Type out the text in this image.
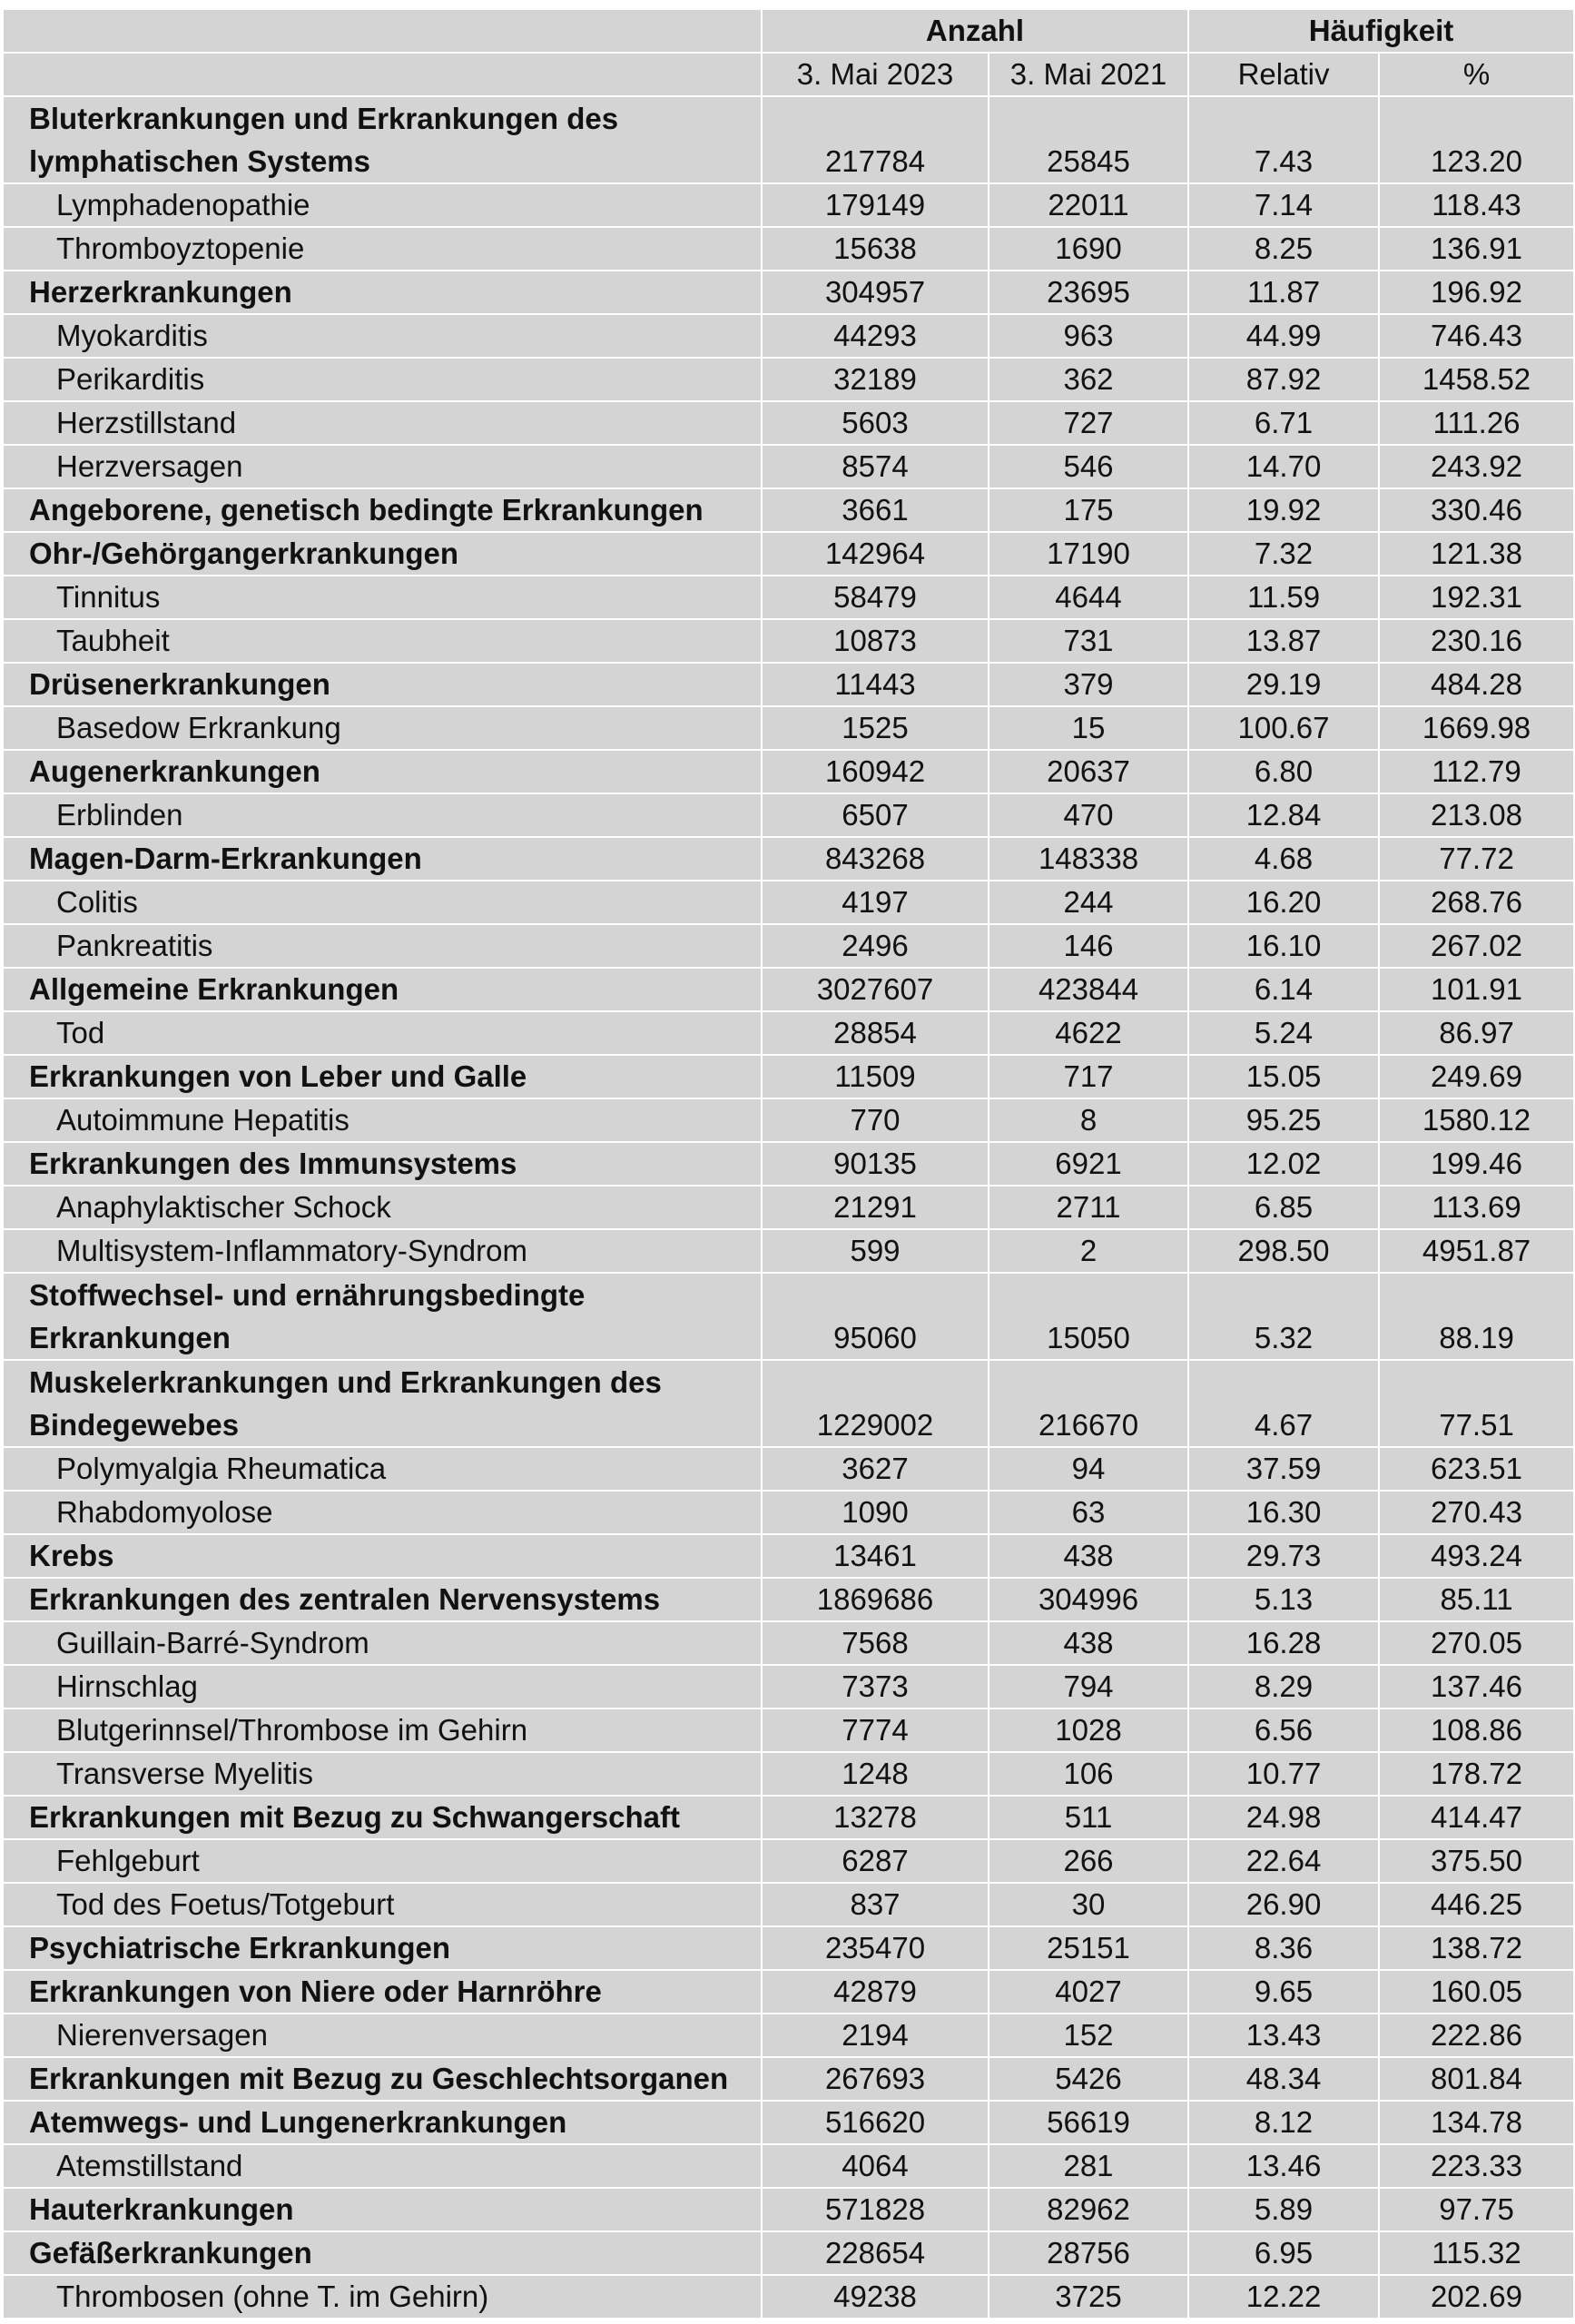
	Anzahl		Häufigkeit	
	3. Mai 2023	3. Mai 2021	Relativ	%
Bluterkrankungen und Erkrankungen des lymphatischen Systems	217784	25845	7.43	123.20
Lymphadenopathie	179149	22011	7.14	118.43
Thromboyztopenie	15638	1690	8.25	136.91
Herzerkrankungen	304957	23695	11.87	196.92
Myokarditis	44293	963	44.99	746.43
Perikarditis	32189	362	87.92	1458.52
Herzstillstand	5603	727	6.71	111.26
Herzversagen	8574	546	14.70	243.92
Angeborene, genetisch bedingte Erkrankungen	3661	175	19.92	330.46
Ohr-/Gehörgangerkrankungen	142964	17190	7.32	121.38
Tinnitus	58479	4644	11.59	192.31
Taubheit	10873	731	13.87	230.16
Drüsenerkrankungen	11443	379	29.19	484.28
Basedow Erkrankung	1525	15	100.67	1669.98
Augenerkrankungen	160942	20637	6.80	112.79
Erblinden	6507	470	12.84	213.08
Magen-Darm-Erkrankungen	843268	148338	4.68	77.72
Colitis	4197	244	16.20	268.76
Pankreatitis	2496	146	16.10	267.02
Allgemeine Erkrankungen	3027607	423844	6.14	101.91
Tod	28854	4622	5.24	86.97
Erkrankungen von Leber und Galle	11509	717	15.05	249.69
Autoimmune Hepatitis	770	8	95.25	1580.12
Erkrankungen des Immunsystems	90135	6921	12.02	199.46
Anaphylaktischer Schock	21291	2711	6.85	113.69
Multisystem-Inflammatory-Syndrom	599	2	298.50	4951.87
Stoffwechsel- und ernährungsbedingte Erkrankungen	95060	15050	5.32	88.19
Muskelerkrankungen und Erkrankungen des Bindegewebes	1229002	216670	4.67	77.51
Polymyalgia Rheumatica	3627	94	37.59	623.51
Rhabdomyolose	1090	63	16.30	270.43
Krebs	13461	438	29.73	493.24
Erkrankungen des zentralen Nervensystems	1869686	304996	5.13	85.11
Guillain-Barré-Syndrom	7568	438	16.28	270.05
Hirnschlag	7373	794	8.29	137.46
Blutgerinnsel/Thrombose im Gehirn	7774	1028	6.56	108.86
Transverse Myelitis	1248	106	10.77	178.72
Erkrankungen mit Bezug zu Schwangerschaft	13278	511	24.98	414.47
Fehlgeburt	6287	266	22.64	375.50
Tod des Foetus/Totgeburt	837	30	26.90	446.25
Psychiatrische Erkrankungen	235470	25151	8.36	138.72
Erkrankungen von Niere oder Harnröhre	42879	4027	9.65	160.05
Nierenversagen	2194	152	13.43	222.86
Erkrankungen mit Bezug zu Geschlechtsorganen	267693	5426	48.34	801.84
Atemwegs- und Lungenerkrankungen	516620	56619	8.12	134.78
Atemstillstand	4064	281	13.46	223.33
Hauterkrankungen	571828	82962	5.89	97.75
Gefäßerkrankungen	228654	28756	6.95	115.32
Thrombosen (ohne T. im Gehirn)	49238	3725	12.22	202.69
